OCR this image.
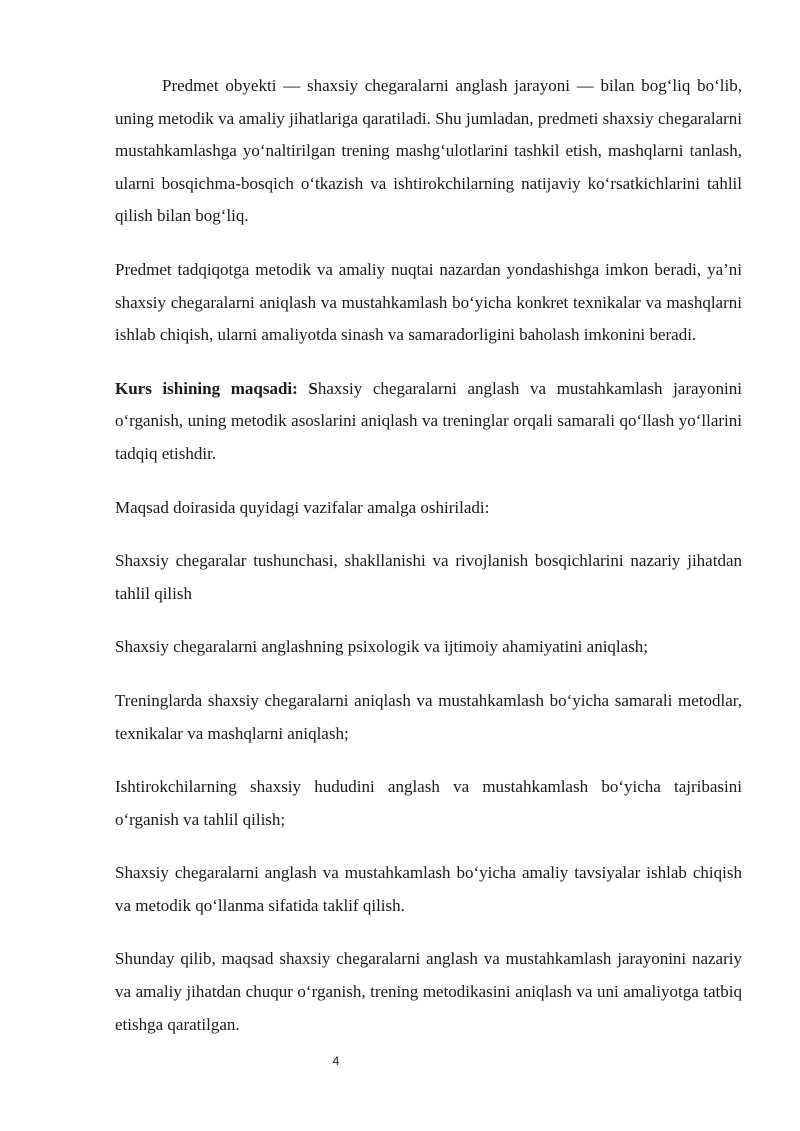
Predmet obyekti — shaxsiy chegaralarni anglash jarayoni — bilan bog‘liq bo‘lib, uning metodik va amaliy jihatlariga qaratiladi. Shu jumladan, predmeti shaxsiy chegaralarni mustahkamlashga yo‘naltirilgan trening mashg‘ulotlarini tashkil etish, mashqlarni tanlash, ularni bosqichma-bosqich o‘tkazish va ishtirokchilarning natijaviy ko‘rsatkichlarini tahlil qilish bilan bog‘liq.

Predmet tadqiqotga metodik va amaliy nuqtai nazardan yondashishga imkon beradi, ya’ni shaxsiy chegaralarni aniqlash va mustahkamlash bo‘yicha konkret texnikalar va mashqlarni ishlab chiqish, ularni amaliyotda sinash va samaradorligini baholash imkonini beradi.

Kurs ishining maqsadi: Shaxsiy chegaralarni anglash va mustahkamlash jarayonini o‘rganish, uning metodik asoslarini aniqlash va treninglar orqali samarali qo‘llash yo‘llarini tadqiq etishdir.

Maqsad doirasida quyidagi vazifalar amalga oshiriladi:

Shaxsiy chegaralar tushunchasi, shakllanishi va rivojlanish bosqichlarini nazariy jihatdan tahlil qilish

Shaxsiy chegaralarni anglashning psixologik va ijtimoiy ahamiyatini aniqlash;

Treninglarda shaxsiy chegaralarni aniqlash va mustahkamlash bo‘yicha samarali metodlar, texnikalar va mashqlarni aniqlash;

Ishtirokchilarning shaxsiy hududini anglash va mustahkamlash bo‘yicha tajribasini o‘rganish va tahlil qilish;

Shaxsiy chegaralarni anglash va mustahkamlash bo‘yicha amaliy tavsiyalar ishlab chiqish va metodik qo‘llanma sifatida taklif qilish.

Shunday qilib, maqsad shaxsiy chegaralarni anglash va mustahkamlash jarayonini nazariy va amaliy jihatdan chuqur o‘rganish, trening metodikasini aniqlash va uni amaliyotga tatbiq etishga qaratilgan.

4
